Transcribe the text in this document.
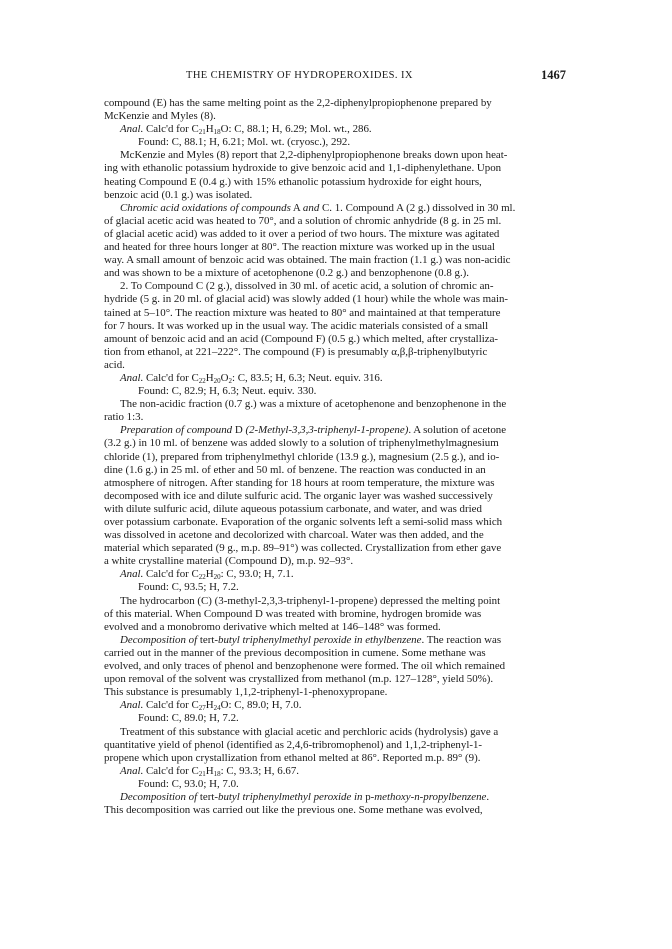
THE CHEMISTRY OF HYDROPEROXIDES. IX	1467

compound (E) has the same melting point as the 2,2-diphenylpropiophenone prepared by

McKenzie and Myles (8).

Anal. Calc'd for $C_{21}H_{18}O$: C, 88.1; H, 6.29; Mol. wt., 286.

Found: C, 88.1; H, 6.21; Mol. wt. (cryosc.), 292.

McKenzie and Myles (8) report that 2,2-diphenylpropiophenone breaks down upon heat-

ing with ethanolic potassium hydroxide to give benzoic acid and 1,1-diphenylethane. Upon

heating Compound E (0.4 g.) with 15% ethanolic potassium hydroxide for eight hours,

benzoic acid (0.1 g.) was isolated.

Chromic acid oxidations of compounds A and C. 1. Compound A (2 g.) dissolved in 30 ml.

of glacial acetic acid was heated to 70°, and a solution of chromic anhydride (8 g. in 25 ml.

of glacial acetic acid) was added to it over a period of two hours. The mixture was agitated

and heated for three hours longer at 80°. The reaction mixture was worked up in the usual

way. A small amount of benzoic acid was obtained. The main fraction (1.1 g.) was non-acidic

and was shown to be a mixture of acetophenone (0.2 g.) and benzophenone (0.8 g.).

2. To Compound C (2 g.), dissolved in 30 ml. of acetic acid, a solution of chromic an-

hydride (5 g. in 20 ml. of glacial acid) was slowly added (1 hour) while the whole was main-

tained at 5–10°. The reaction mixture was heated to 80° and maintained at that temperature

for 7 hours. It was worked up in the usual way. The acidic materials consisted of a small

amount of benzoic acid and an acid (Compound F) (0.5 g.) which melted, after crystalliza-

tion from ethanol, at 221–222°. The compound (F) is presumably α,β,β-triphenylbutyric

acid.

Anal. Calc'd for $C_{22}H_{20}O_2$: C, 83.5; H, 6.3; Neut. equiv. 316.

Found: C, 82.9; H, 6.3; Neut. equiv. 330.

The non-acidic fraction (0.7 g.) was a mixture of acetophenone and benzophenone in the

ratio 1:3.

Preparation of compound D (2-Methyl-3,3,3-triphenyl-1-propene). A solution of acetone

(3.2 g.) in 10 ml. of benzene was added slowly to a solution of triphenylmethylmagnesium

chloride (1), prepared from triphenylmethyl chloride (13.9 g.), magnesium (2.5 g.), and io-

dine (1.6 g.) in 25 ml. of ether and 50 ml. of benzene. The reaction was conducted in an

atmosphere of nitrogen. After standing for 18 hours at room temperature, the mixture was

decomposed with ice and dilute sulfuric acid. The organic layer was washed successively

with dilute sulfuric acid, dilute aqueous potassium carbonate, and water, and was dried

over potassium carbonate. Evaporation of the organic solvents left a semi-solid mass which

was dissolved in acetone and decolorized with charcoal. Water was then added, and the

material which separated (9 g., m.p. 89–91°) was collected. Crystallization from ether gave

a white crystalline material (Compound D), m.p. 92–93°.

Anal. Calc'd for $C_{22}H_{20}$: C, 93.0; H, 7.1.

Found: C, 93.5; H, 7.2.

The hydrocarbon (C) (3-methyl-2,3,3-triphenyl-1-propene) depressed the melting point

of this material. When Compound D was treated with bromine, hydrogen bromide was

evolved and a monobromo derivative which melted at 146–148° was formed.

Decomposition of tert-butyl triphenylmethyl peroxide in ethylbenzene. The reaction was

carried out in the manner of the previous decomposition in cumene. Some methane was

evolved, and only traces of phenol and benzophenone were formed. The oil which remained

upon removal of the solvent was crystallized from methanol (m.p. 127–128°, yield 50%).

This substance is presumably 1,1,2-triphenyl-1-phenoxypropane.

Anal. Calc'd for $C_{27}H_{24}O$: C, 89.0; H, 7.0.

Found: C, 89.0; H, 7.2.

Treatment of this substance with glacial acetic and perchloric acids (hydrolysis) gave a

quantitative yield of phenol (identified as 2,4,6-tribromophenol) and 1,1,2-triphenyl-1-

propene which upon crystallization from ethanol melted at 86°. Reported m.p. 89° (9).

Anal. Calc'd for $C_{21}H_{18}$: C, 93.3; H, 6.67.

Found: C, 93.0; H, 7.0.

Decomposition of tert-butyl triphenylmethyl peroxide in p-methoxy-n-propylbenzene.

This decomposition was carried out like the previous one. Some methane was evolved,
